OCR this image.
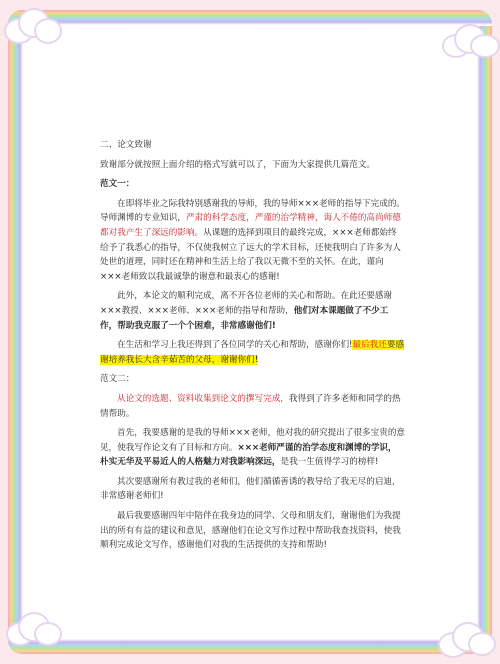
二、论文致谢

致谢部分就按照上面介绍的格式写就可以了，下面为大家提供几篇范文。

范文一：

在即将毕业之际我特别感谢我的导师，我的导师×××老师的指导下完成的。导师渊博的专业知识，严肃的科学态度，严谨的治学精神，诲人不倦的高尚师德都对我产生了深远的影响。从课题的选择到项目的最终完成，×××老师都始终给予了我悉心的指导，不仅使我树立了远大的学术目标，还使我明白了许多为人处世的道理，同时还在精神和生活上给了我以无微不至的关怀。在此，谨向×××老师致以我最诚挚的谢意和最衷心的感谢!

此外，本论文的顺利完成，离不开各位老师的关心和帮助。在此还要感谢×××教授、×××老师、×××老师的指导和帮助，他们对本课题做了不少工作，帮助我克服了一个个困难，非常感谢他们!

在生活和学习上我还得到了各位同学的关心和帮助，感谢你们!最后我还要感谢培养我长大含辛茹苦的父母，谢谢你们!

范文二：

从论文的选题、资料收集到论文的撰写完成，我得到了许多老师和同学的热情帮助。

首先，我要感谢的是我的导师×××老师，他对我的研究提出了很多宝贵的意见，使我写作论文有了目标和方向。×××老师严谨的治学态度和渊博的学识，朴实无华及平易近人的人格魅力对我影响深远，是我一生值得学习的榜样!

其次要感谢所有教过我的老师们，他们循循善诱的教导给了我无尽的启迪，非常感谢老师们!

最后我要感谢四年中陪伴在我身边的同学、父母和朋友们，谢谢他们为我提出的所有有益的建议和意见，感谢他们在论文写作过程中帮助我查找资料，使我顺利完成论文写作，感谢他们对我的生活提供的支持和帮助!
